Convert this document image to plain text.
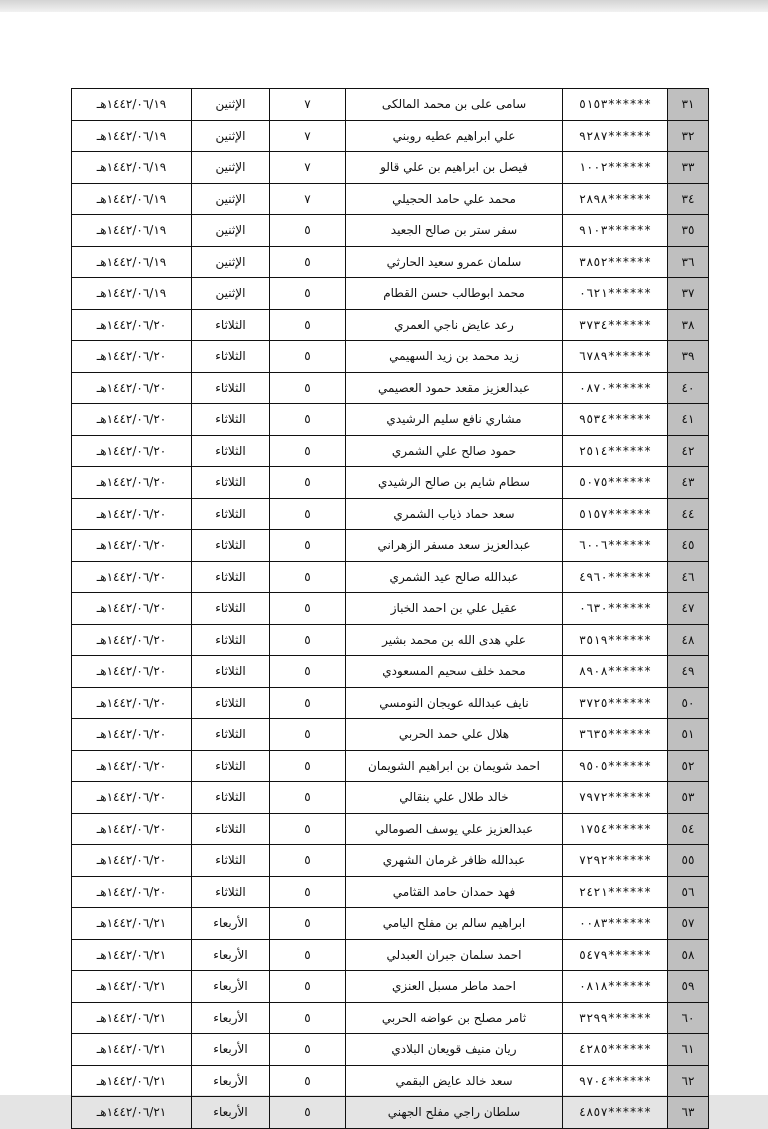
٣١	******٥١٥٣	سامى على بن محمد المالكى	٧	الإثنين	١٤٤٢/٠٦/١٩هـ
٣٢	******٩٢٨٧	علي ابراهيم عطيه روبني	٧	الإثنين	١٤٤٢/٠٦/١٩هـ
٣٣	******١٠٠٢	فيصل بن ابراهيم بن علي قالو	٧	الإثنين	١٤٤٢/٠٦/١٩هـ
٣٤	******٢٨٩٨	محمد علي حامد الحجيلي	٧	الإثنين	١٤٤٢/٠٦/١٩هـ
٣٥	******٩١٠٣	سفر ستر بن صالح الجعيد	٥	الإثنين	١٤٤٢/٠٦/١٩هـ
٣٦	******٣٨٥٢	سلمان عمرو سعيد الحارثي	٥	الإثنين	١٤٤٢/٠٦/١٩هـ
٣٧	******٠٦٢١	محمد ابوطالب حسن القطام	٥	الإثنين	١٤٤٢/٠٦/١٩هـ
٣٨	******٣٧٣٤	رعد عايض ناجي العمري	٥	الثلاثاء	١٤٤٢/٠٦/٢٠هـ
٣٩	******٦٧٨٩	زيد محمد بن زيد السهيمي	٥	الثلاثاء	١٤٤٢/٠٦/٢٠هـ
٤٠	******٠٨٧٠	عبدالعزيز مقعد حمود العصيمي	٥	الثلاثاء	١٤٤٢/٠٦/٢٠هـ
٤١	******٩٥٣٤	مشاري نافع سليم الرشيدي	٥	الثلاثاء	١٤٤٢/٠٦/٢٠هـ
٤٢	******٢٥١٤	حمود صالح علي الشمري	٥	الثلاثاء	١٤٤٢/٠٦/٢٠هـ
٤٣	******٥٠٧٥	سطام شايم بن صالح الرشيدي	٥	الثلاثاء	١٤٤٢/٠٦/٢٠هـ
٤٤	******٥١٥٧	سعد حماد ذياب الشمري	٥	الثلاثاء	١٤٤٢/٠٦/٢٠هـ
٤٥	******٦٠٠٦	عبدالعزيز سعد مسفر الزهراني	٥	الثلاثاء	١٤٤٢/٠٦/٢٠هـ
٤٦	******٤٩٦٠	عبدالله صالح عيد الشمري	٥	الثلاثاء	١٤٤٢/٠٦/٢٠هـ
٤٧	******٠٦٣٠	عقيل علي بن احمد الخباز	٥	الثلاثاء	١٤٤٢/٠٦/٢٠هـ
٤٨	******٣٥١٩	علي هدى الله بن محمد بشير	٥	الثلاثاء	١٤٤٢/٠٦/٢٠هـ
٤٩	******٨٩٠٨	محمد خلف سحيم المسعودي	٥	الثلاثاء	١٤٤٢/٠٦/٢٠هـ
٥٠	******٣٧٢٥	نايف عبدالله عويجان النومسي	٥	الثلاثاء	١٤٤٢/٠٦/٢٠هـ
٥١	******٣٦٣٥	هلال علي حمد الحربي	٥	الثلاثاء	١٤٤٢/٠٦/٢٠هـ
٥٢	******٩٥٠٥	احمد شويمان بن ابراهيم الشويمان	٥	الثلاثاء	١٤٤٢/٠٦/٢٠هـ
٥٣	******٧٩٧٢	خالد طلال علي بنقالي	٥	الثلاثاء	١٤٤٢/٠٦/٢٠هـ
٥٤	******١٧٥٤	عبدالعزيز علي يوسف الصومالي	٥	الثلاثاء	١٤٤٢/٠٦/٢٠هـ
٥٥	******٧٢٩٢	عبدالله ظافر غرمان الشهري	٥	الثلاثاء	١٤٤٢/٠٦/٢٠هـ
٥٦	******٢٤٢١	فهد حمدان حامد القثامي	٥	الثلاثاء	١٤٤٢/٠٦/٢٠هـ
٥٧	******٠٠٨٣	ابراهيم سالم بن مفلح اليامي	٥	الأربعاء	١٤٤٢/٠٦/٢١هـ
٥٨	******٥٤٧٩	احمد سلمان جبران العبدلي	٥	الأربعاء	١٤٤٢/٠٦/٢١هـ
٥٩	******٠٨١٨	احمد ماطر مسبل العنزي	٥	الأربعاء	١٤٤٢/٠٦/٢١هـ
٦٠	******٣٢٩٩	ثامر مصلح بن عواضه الحربي	٥	الأربعاء	١٤٤٢/٠٦/٢١هـ
٦١	******٤٢٨٥	ريان منيف قويعان البلادي	٥	الأربعاء	١٤٤٢/٠٦/٢١هـ
٦٢	******٩٧٠٤	سعد خالد عايض البقمي	٥	الأربعاء	١٤٤٢/٠٦/٢١هـ
٦٣	******٤٨٥٧	سلطان راجي مفلح الجهني	٥	الأربعاء	١٤٤٢/٠٦/٢١هـ
